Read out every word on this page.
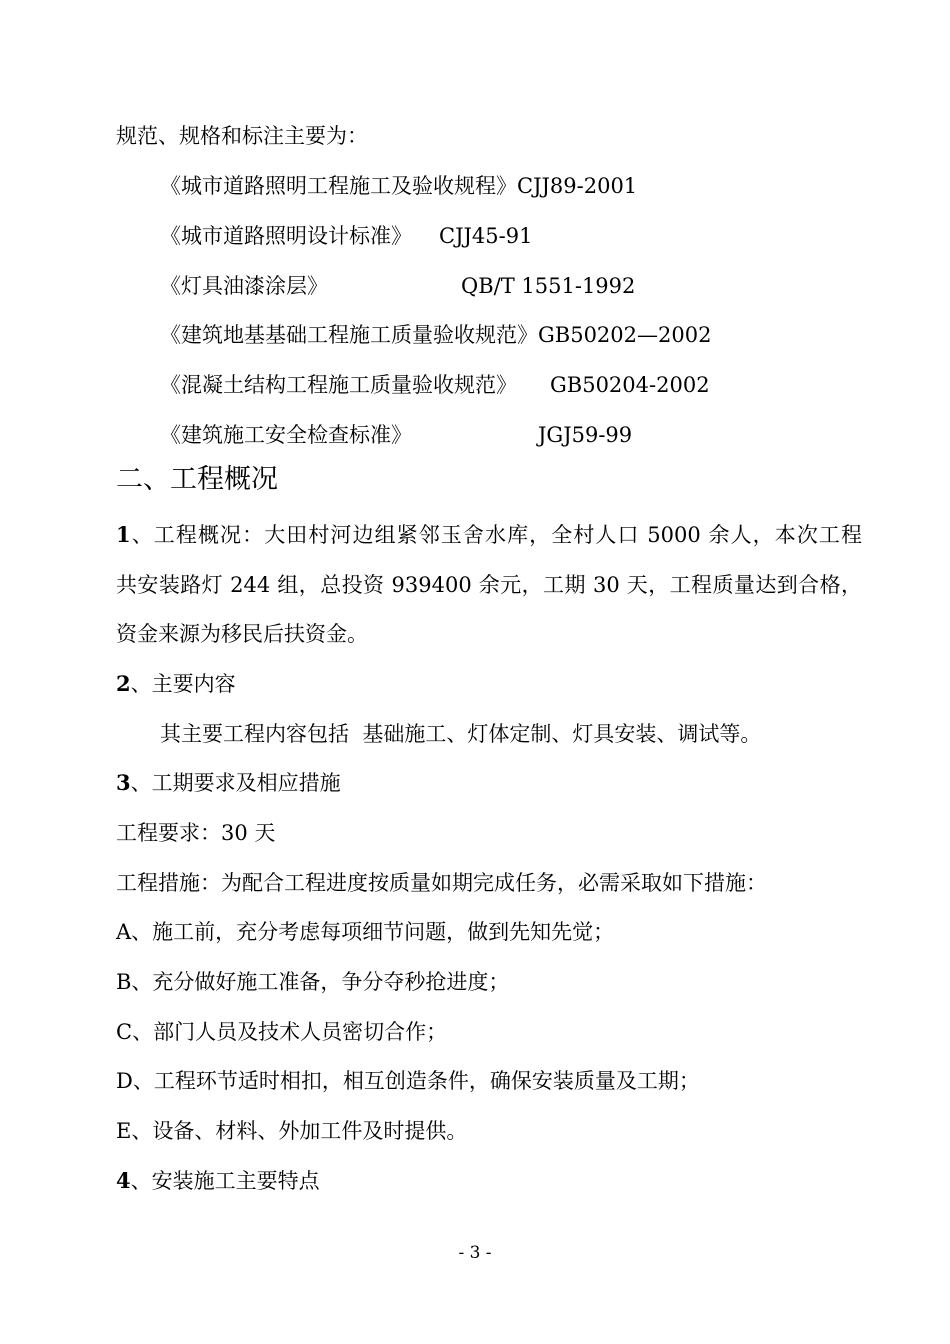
规范、规格和标注主要为：
《城市道路照明工程施工及验收规程》CJJ89-2001
《城市道路照明设计标准》 CJJ45-91
《灯具油漆涂层》	QB/T 1551-1992
《建筑地基基础工程施工质量验收规范》GB50202—2002
《混凝土结构工程施工质量验收规范》 GB50204-2002
《建筑施工安全检查标准》	JGJ59-99
二、工程概况
1、工程概况：大田村河边组紧邻玉舍水库，全村人口 5000 余人，本次工程
共安装路灯 244 组，总投资 939400 余元，工期 30 天，工程质量达到合格，
资金来源为移民后扶资金。
2、主要内容
其主要工程内容包括  基础施工、灯体定制、灯具安装、调试等。
3、工期要求及相应措施
工程要求：30 天
工程措施：为配合工程进度按质量如期完成任务，必需采取如下措施：
A、施工前，充分考虑每项细节问题，做到先知先觉；
B、充分做好施工准备，争分夺秒抢进度；
C、部门人员及技术人员密切合作；
D、工程环节适时相扣，相互创造条件，确保安装质量及工期；
E、设备、材料、外加工件及时提供。
4、安装施工主要特点
- 3 -
